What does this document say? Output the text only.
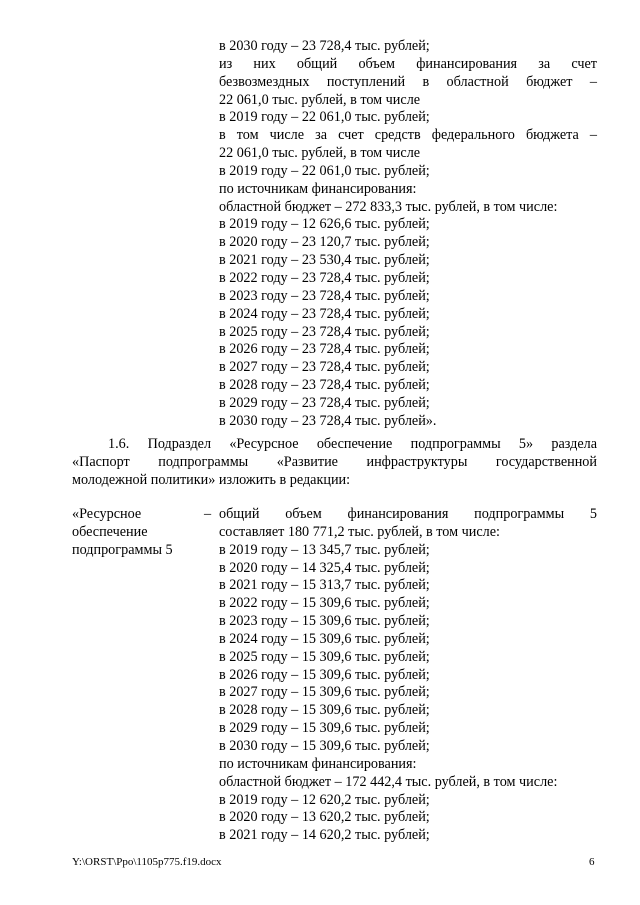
в 2030 году – 23 728,4 тыс. рублей;
из них общий объем финансирования за счет
безвозмездных поступлений в областной бюджет –
22 061,0 тыс. рублей, в том числе
в 2019 году – 22 061,0 тыс. рублей;
в том числе за счет средств федерального бюджета –
22 061,0 тыс. рублей, в том числе
в 2019 году – 22 061,0 тыс. рублей;
по источникам финансирования:
областной бюджет – 272 833,3 тыс. рублей, в том числе:
в 2019 году – 12 626,6 тыс. рублей;
в 2020 году – 23 120,7 тыс. рублей;
в 2021 году – 23 530,4 тыс. рублей;
в 2022 году – 23 728,4 тыс. рублей;
в 2023 году – 23 728,4 тыс. рублей;
в 2024 году – 23 728,4 тыс. рублей;
в 2025 году – 23 728,4 тыс. рублей;
в 2026 году – 23 728,4 тыс. рублей;
в 2027 году – 23 728,4 тыс. рублей;
в 2028 году – 23 728,4 тыс. рублей;
в 2029 году – 23 728,4 тыс. рублей;
в 2030 году – 23 728,4 тыс. рублей».
1.6. Подраздел «Ресурсное обеспечение подпрограммы 5» раздела
«Паспорт подпрограммы «Развитие инфраструктуры государственной
молодежной политики» изложить в редакции:
«Ресурсное
обеспечение
подпрограммы 5
– общий объем финансирования подпрограммы 5
составляет 180 771,2 тыс. рублей, в том числе:
в 2019 году – 13 345,7 тыс. рублей;
в 2020 году – 14 325,4 тыс. рублей;
в 2021 году – 15 313,7 тыс. рублей;
в 2022 году – 15 309,6 тыс. рублей;
в 2023 году – 15 309,6 тыс. рублей;
в 2024 году – 15 309,6 тыс. рублей;
в 2025 году – 15 309,6 тыс. рублей;
в 2026 году – 15 309,6 тыс. рублей;
в 2027 году – 15 309,6 тыс. рублей;
в 2028 году – 15 309,6 тыс. рублей;
в 2029 году – 15 309,6 тыс. рублей;
в 2030 году – 15 309,6 тыс. рублей;
по источникам финансирования:
областной бюджет – 172 442,4 тыс. рублей, в том числе:
в 2019 году – 12 620,2 тыс. рублей;
в 2020 году – 13 620,2 тыс. рублей;
в 2021 году – 14 620,2 тыс. рублей;
Y:\ORST\Ppo\1105p775.f19.docx	6
